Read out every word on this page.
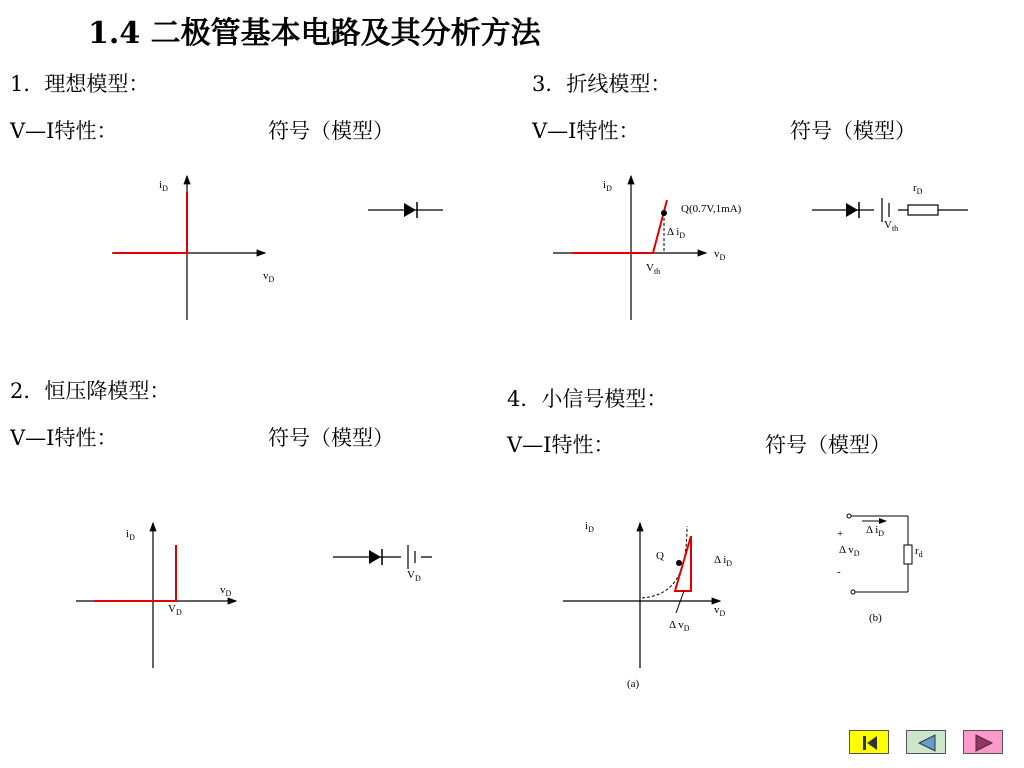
1.4 二极管基本电路及其分析方法
1．理想模型：
V—I特性：	符号（模型）
3．折线模型：
V—I特性：	符号（模型）
2．恒压降模型：
V—I特性：	符号（模型）
4．小信号模型：
V—I特性：	符号（模型）
$i_D$
$v_D$
$i_D$
Q(0.7V,1mA)
Δ $i_D$
$v_D$
$V_{th}$
$r_D$
$V_{th}$
$i_D$
$v_D$
$V_D$
$V_D$
$i_D$
Q	Δ $i_D$
$v_D$
Δ $v_D$
(a)
Δ $i_D$
+
Δ $v_D$
-
$r_d$
(b)
